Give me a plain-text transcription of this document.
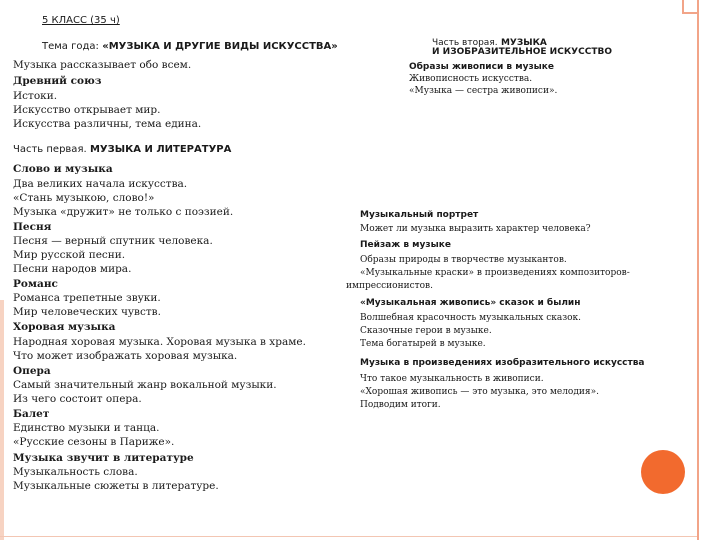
5 КЛАСС (35 ч)
Тема года: «МУЗЫКА И ДРУГИЕ ВИДЫ ИСКУССТВА»
Музыка рассказывает обо всем.
Древний союз
Истоки.
Искусство открывает мир.
Искусства различны, тема едина.
Часть первая. МУЗЫКА И ЛИТЕРАТУРА
Слово и музыка
Два великих начала искусства.
«Стань музыкою, слово!»
Музыка «дружит» не только с поэзией.
Песня
Песня — верный спутник человека.
Мир русской песни.
Песни народов мира.
Романс
Романса трепетные звуки.
Мир человеческих чувств.
Хоровая музыка
Народная хоровая музыка. Хоровая музыка в храме.
Что может изображать хоровая музыка.
Опера
Самый значительный жанр вокальной музыки.
Из чего состоит опера.
Балет
Единство музыки и танца.
«Русские сезоны в Париже».
Музыка звучит в литературе
Музыкальность слова.
Музыкальные сюжеты в литературе.
Часть вторая. МУЗЫКА
И ИЗОБРАЗИТЕЛЬНОЕ ИСКУССТВО
Образы живописи в музыке
Живописность искусства.
«Музыка — сестра живописи».
Музыкальный портрет
Может ли музыка выразить характер человека?
Пейзаж в музыке
Образы природы в творчестве музыкантов.
«Музыкальные краски» в произведениях композиторов-
импрессионистов.
«Музыкальная живопись» сказок и былин
Волшебная красочность музыкальных сказок.
Сказочные герои в музыке.
Тема богатырей в музыке.
Музыка в произведениях изобразительного искусства
Что такое музыкальность в живописи.
«Хорошая живопись — это музыка, это мелодия».
Подводим итоги.
